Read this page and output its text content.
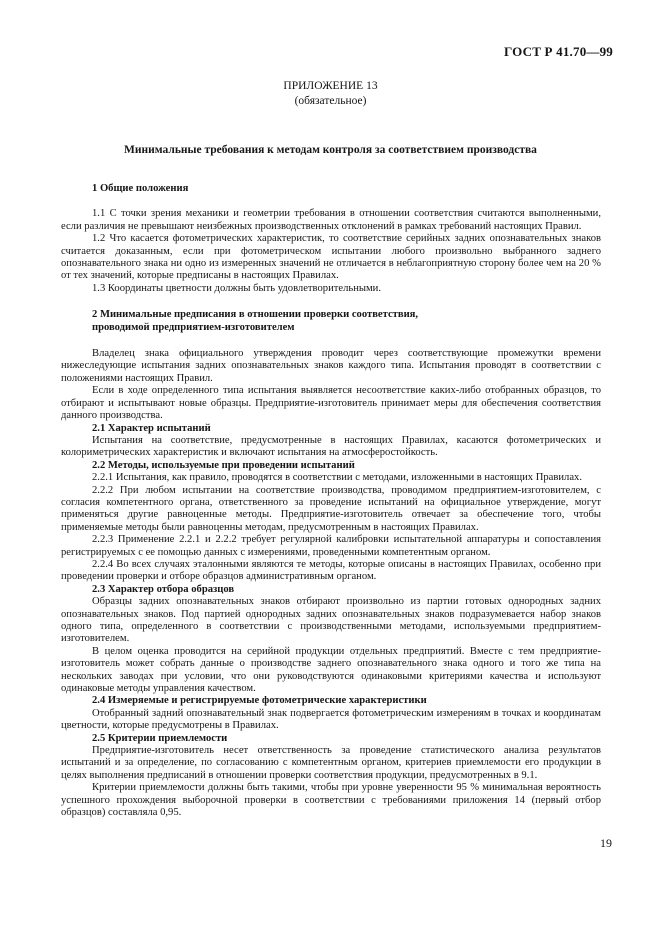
ГОСТ Р 41.70—99
ПРИЛОЖЕНИЕ 13
(обязательное)
Минимальные требования к методам контроля за соответствием производства
1 Общие положения

1.1 С точки зрения механики и геометрии требования в отношении соответствия считаются выполненными, если различия не превышают неизбежных производственных отклонений в рамках требований настоящих Правил.

1.2 Что касается фотометрических характеристик, то соответствие серийных задних опознавательных знаков считается доказанным, если при фотометрическом испытании любого произвольно выбранного заднего опознавательного знака ни одно из измеренных значений не отличается в неблагоприятную сторону более чем на 20 % от тех значений, которые предписаны в настоящих Правилах.

1.3 Координаты цветности должны быть удовлетворительными.

2 Минимальные предписания в отношении проверки соответствия,
проводимой предприятием-изготовителем

Владелец знака официального утверждения проводит через соответствующие промежутки времени нижеследующие испытания задних опознавательных знаков каждого типа. Испытания проводят в соответствии с положениями настоящих Правил.

Если в ходе определенного типа испытания выявляется несоответствие каких-либо отобранных образцов, то отбирают и испытывают новые образцы. Предприятие-изготовитель принимает меры для обеспечения соответствия данного производства.

2.1 Характер испытаний

Испытания на соответствие, предусмотренные в настоящих Правилах, касаются фотометрических и колориметрических характеристик и включают испытания на атмосферостойкость.

2.2 Методы, используемые при проведении испытаний

2.2.1 Испытания, как правило, проводятся в соответствии с методами, изложенными в настоящих Правилах.

2.2.2 При любом испытании на соответствие производства, проводимом предприятием-изготовителем, с согласия компетентного органа, ответственного за проведение испытаний на официальное утверждение, могут применяться другие равноценные методы. Предприятие-изготовитель отвечает за обеспечение того, чтобы применяемые методы были равноценны методам, предусмотренным в настоящих Правилах.

2.2.3 Применение 2.2.1 и 2.2.2 требует регулярной калибровки испытательной аппаратуры и сопоставления регистрируемых с ее помощью данных с измерениями, проведенными компетентным органом.

2.2.4 Во всех случаях эталонными являются те методы, которые описаны в настоящих Правилах, особенно при проведении проверки и отборе образцов административным органом.

2.3 Характер отбора образцов

Образцы задних опознавательных знаков отбирают произвольно из партии готовых однородных задних опознавательных знаков. Под партией однородных задних опознавательных знаков подразумевается набор знаков одного типа, определенного в соответствии с производственными методами, используемыми предприятием-изготовителем.

В целом оценка проводится на серийной продукции отдельных предприятий. Вместе с тем предприятие-изготовитель может собрать данные о производстве заднего опознавательного знака одного и того же типа на нескольких заводах при условии, что они руководствуются одинаковыми критериями качества и используют одинаковые методы управления качеством.

2.4 Измеряемые и регистрируемые фотометрические характеристики

Отобранный задний опознавательный знак подвергается фотометрическим измерениям в точках и координатам цветности, которые предусмотрены в Правилах.

2.5 Критерии приемлемости

Предприятие-изготовитель несет ответственность за проведение статистического анализа результатов испытаний и за определение, по согласованию с компетентным органом, критериев приемлемости его продукции в целях выполнения предписаний в отношении проверки соответствия продукции, предусмотренных в 9.1.

Критерии приемлемости должны быть такими, чтобы при уровне уверенности 95 % минимальная вероятность успешного прохождения выборочной проверки в соответствии с требованиями приложения 14 (первый отбор образцов) составляла 0,95.

19
